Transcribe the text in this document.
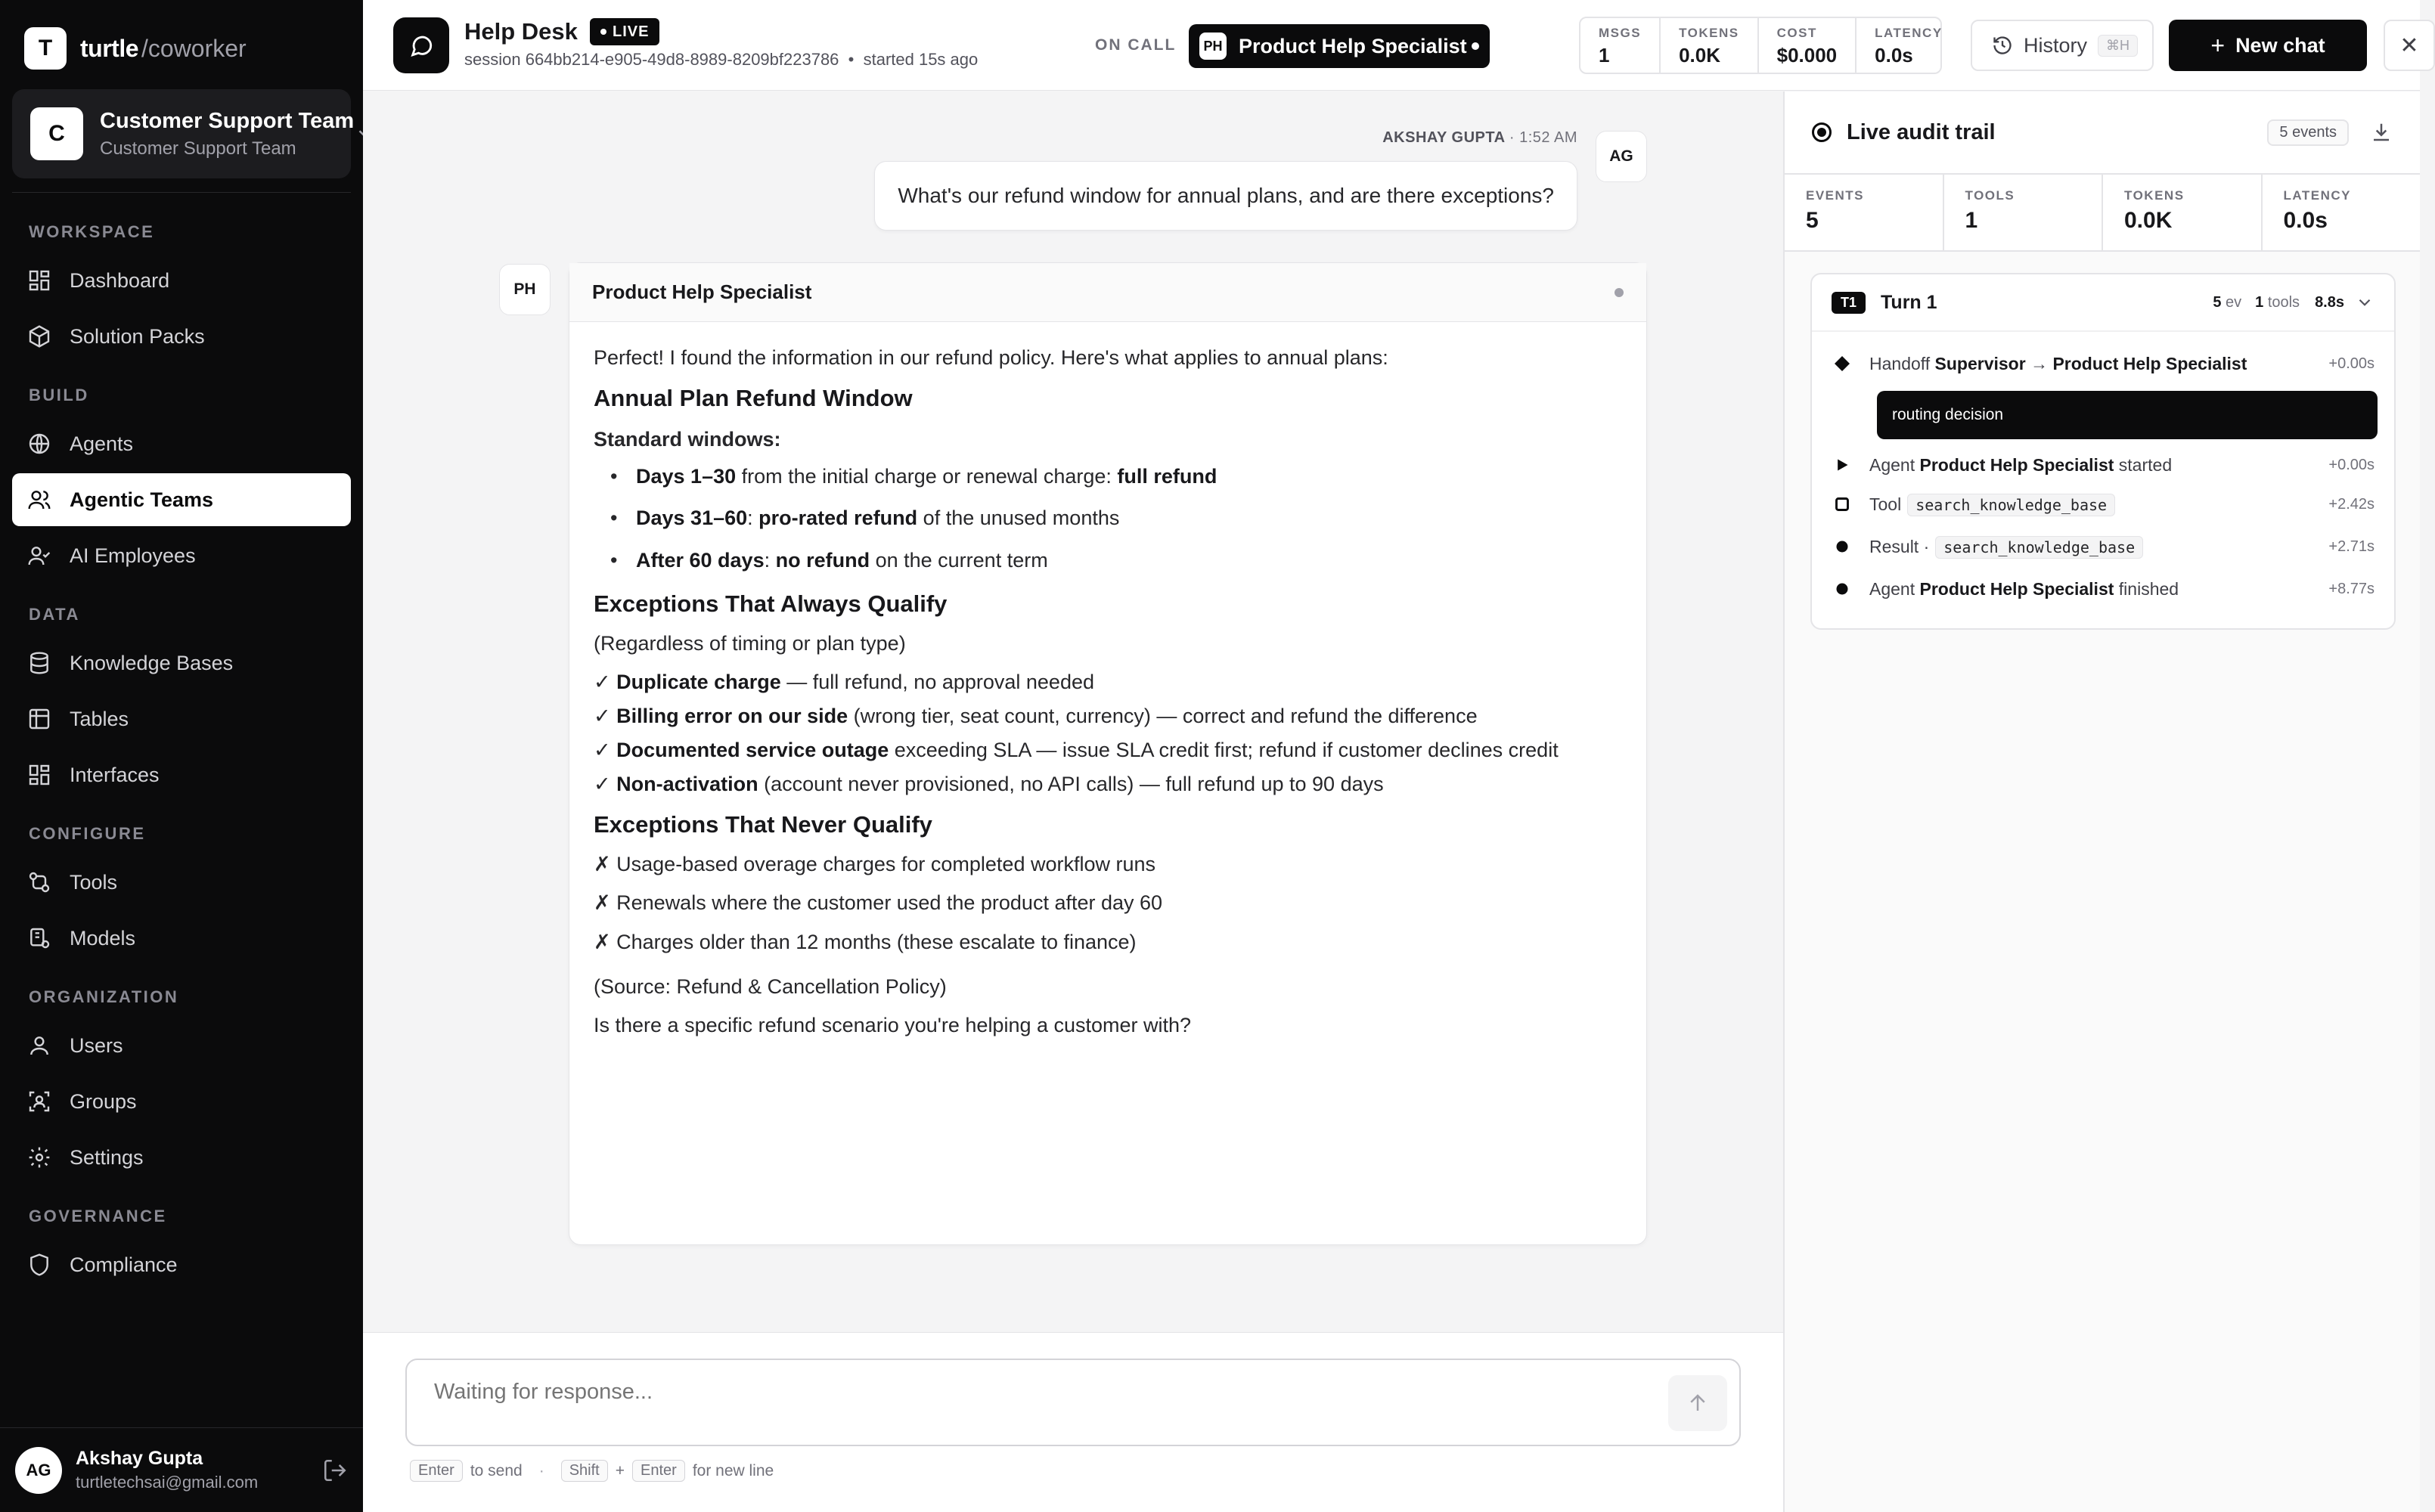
T	turtle /coworker
C
Customer Support Team
Customer Support Team
WORKSPACE
Dashboard
Solution Packs
BUILD
Agents
Agentic Teams
AI Employees
DATA
Knowledge Bases
Tables
Interfaces
CONFIGURE
Tools
Models
ORGANIZATION
Users
Groups
Settings
GOVERNANCE
Compliance
AG
Akshay Gupta
turtletechsai@gmail.com
Help Desk LIVE
session 664bb214-e905-49d8-8989-8209bf223786  •  started 15s ago
ON CALL	PH Product Help Specialist
MSGS
1
TOKENS
0.0K
COST
$0.000
LATENCY
0.0s	History	⌘H	+ New chat	✕
AKSHAY GUPTA · 1:52 AM
What's our refund window for annual plans, and are there exceptions?
AG
PH	Product Help Specialist

Perfect! I found the information in our refund policy. Here's what applies to annual plans:

Annual Plan Refund Window
Standard windows:
• Days 1–30 from the initial charge or renewal charge: full refund
• Days 31–60: pro-rated refund of the unused months
• After 60 days: no refund on the current term
Exceptions That Always Qualify

(Regardless of timing or plan type)

✓ Duplicate charge — full refund, no approval needed
✓ Billing error on our side (wrong tier, seat count, currency) — correct and refund the difference
✓ Documented service outage exceeding SLA — issue SLA credit first; refund if customer declines credit
✓ Non-activation (account never provisioned, no API calls) — full refund up to 90 days
Exceptions That Never Qualify
✗ Usage-based overage charges for completed workflow runs
✗ Renewals where the customer used the product after day 60
✗ Charges older than 12 months (these escalate to finance)

(Source: Refund & Cancellation Policy)

Is there a specific refund scenario you're helping a customer with?

Waiting for response...
Enter	to send ·	Shift	+	Enter	for new line
Live audit trail	5 events
EVENTS
5
TOOLS
1
TOKENS
0.0K
LATENCY
0.0s
T1	Turn 1	5 ev 1 tools 8.8s
Handoff Supervisor → Product Help Specialist	+0.00s
routing decision
Agent Product Help Specialist started	+0.00s
Tool search_knowledge_base	+2.42s
Result · search_knowledge_base	+2.71s
Agent Product Help Specialist finished	+8.77s
